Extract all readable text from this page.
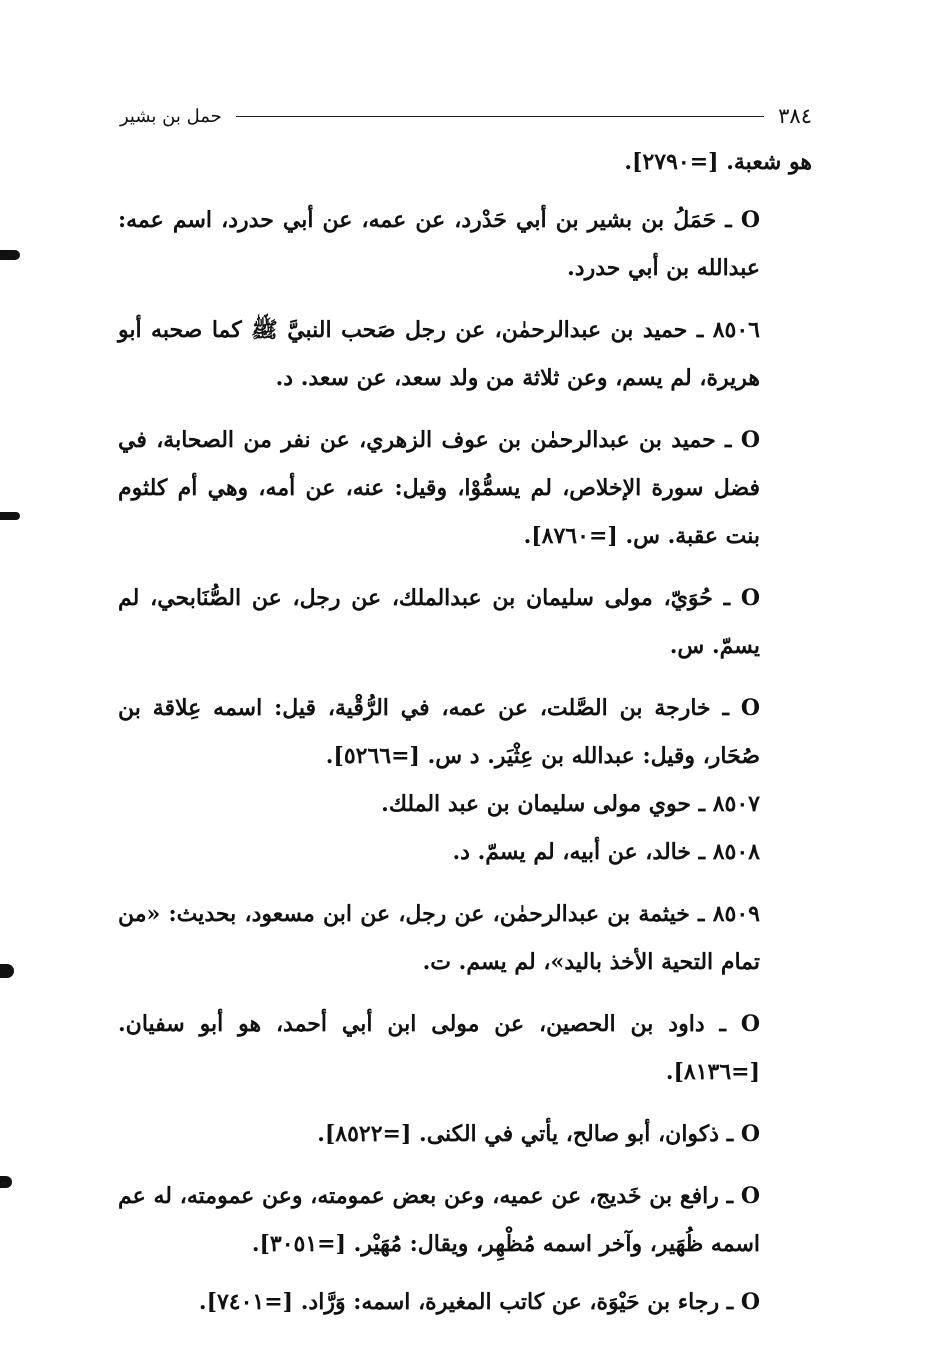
٣٨٤
حمل بن بشير

هو شعبة. [=٢٧٩٠].

O ـ حَمَلُ بن بشير بن أبي حَدْرد، عن عمه، عن أبي حدرد، اسم عمه: عبدالله بن أبي حدرد.

٨٥٠٦ ـ حميد بن عبدالرحمٰن، عن رجل صَحب النبيَّ ﷺ كما صحبه أبو هريرة، لم يسم، وعن ثلاثة من ولد سعد، عن سعد. د.

O ـ حميد بن عبدالرحمٰن بن عوف الزهري، عن نفر من الصحابة، في فضل سورة الإخلاص، لم يسمُّوْا، وقيل: عنه، عن أمه، وهي أم كلثوم بنت عقبة. س. [=٨٧٦٠].

O ـ حُوَيّ، مولى سليمان بن عبدالملك، عن رجل، عن الصُّنَابحي، لم يسمّ. س.

O ـ خارجة بن الصَّلت، عن عمه، في الرُّقْية، قيل: اسمه عِلاقة بن صُحَار، وقيل: عبدالله بن عِثْيَر. د س. [=٥٢٦٦].

٨٥٠٧ ـ حوي مولى سليمان بن عبد الملك.

٨٥٠٨ ـ خالد، عن أبيه، لم يسمّ. د.

٨٥٠٩ ـ خيثمة بن عبدالرحمٰن، عن رجل، عن ابن مسعود، بحديث: «من تمام التحية الأخذ باليد»، لم يسم. ت.

O ـ داود بن الحصين، عن مولى ابن أبي أحمد، هو أبو سفيان. [=٨١٣٦].

O ـ ذكوان، أبو صالح، يأتي في الكنى. [=٨٥٢٢].

O ـ رافع بن خَديج، عن عميه، وعن بعض عمومته، وعن عمومته، له عم اسمه ظُهَير، وآخر اسمه مُظْهِر، ويقال: مُهَيْر. [=٣٠٥١].

O ـ رجاء بن حَيْوَة، عن كاتب المغيرة، اسمه: وَرَّاد. [=٧٤٠١].
